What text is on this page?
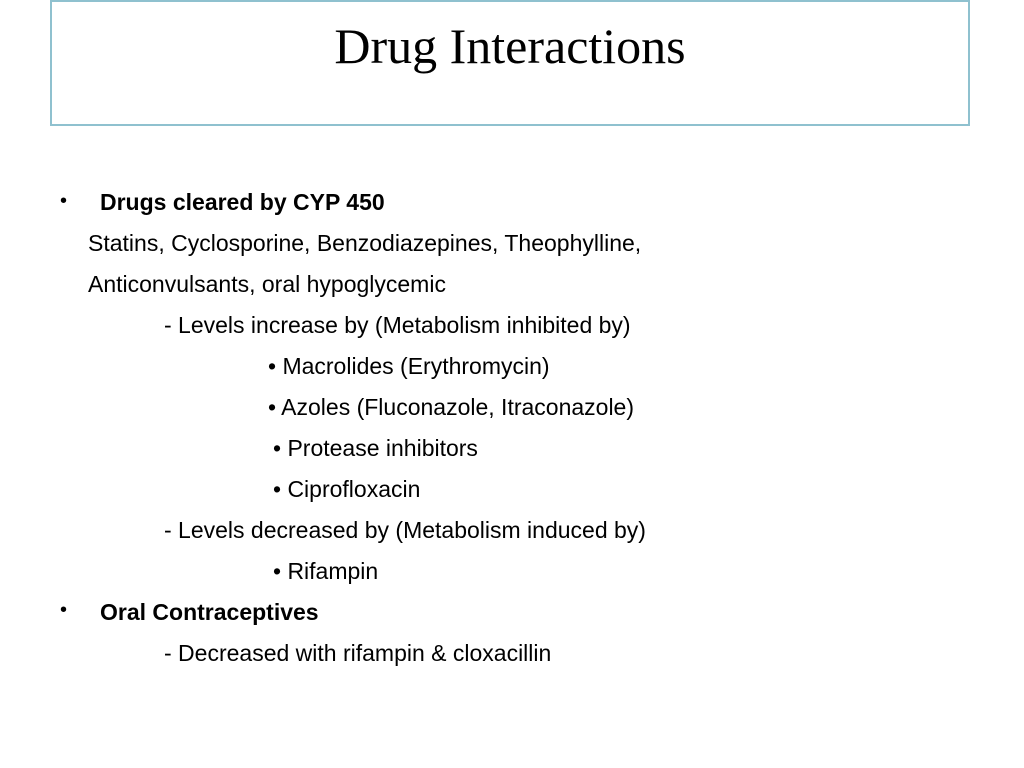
Drug Interactions
• Drugs cleared by CYP 450
Statins, Cyclosporine, Benzodiazepines, Theophylline,
Anticonvulsants, oral hypoglycemic
- Levels increase by (Metabolism inhibited by)
• Macrolides (Erythromycin)
• Azoles (Fluconazole, Itraconazole)
• Protease inhibitors
• Ciprofloxacin
- Levels decreased by (Metabolism induced by)
• Rifampin
• Oral Contraceptives
- Decreased with rifampin & cloxacillin
